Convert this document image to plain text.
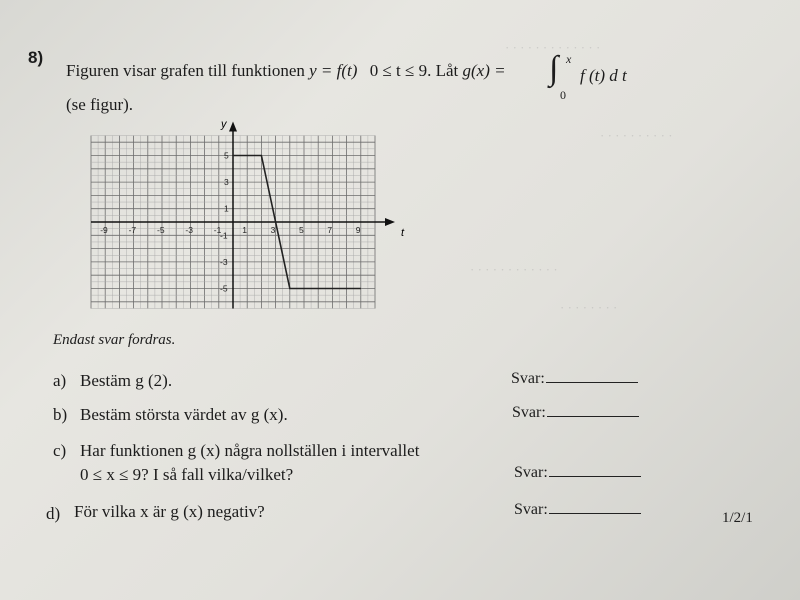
· · · · · · · · · · · · ·
· · · · · · · · · ·
· · · · · · · · · · · ·
· · · · · · · ·
8)
Figuren visar grafen till funktionen y = f(t) 0 ≤ t ≤ 9. Låt g(x) = ∫ x
0
f (t) d t
(se figur).
-9 -7 -5 -3 -1 1	3	5	7	9
5
3
1
-1
-3
-5
t
y
Endast svar fordras.
a) Bestäm g (2).	Svar:
b) Bestäm största värdet av g (x).	Svar:
c) Har funktionen g (x) några nollställen i intervallet
0 ≤ x ≤ 9? I så fall vilka/vilket?	Svar:
d) För vilka x är g (x) negativ?	Svar:	1/2/1
